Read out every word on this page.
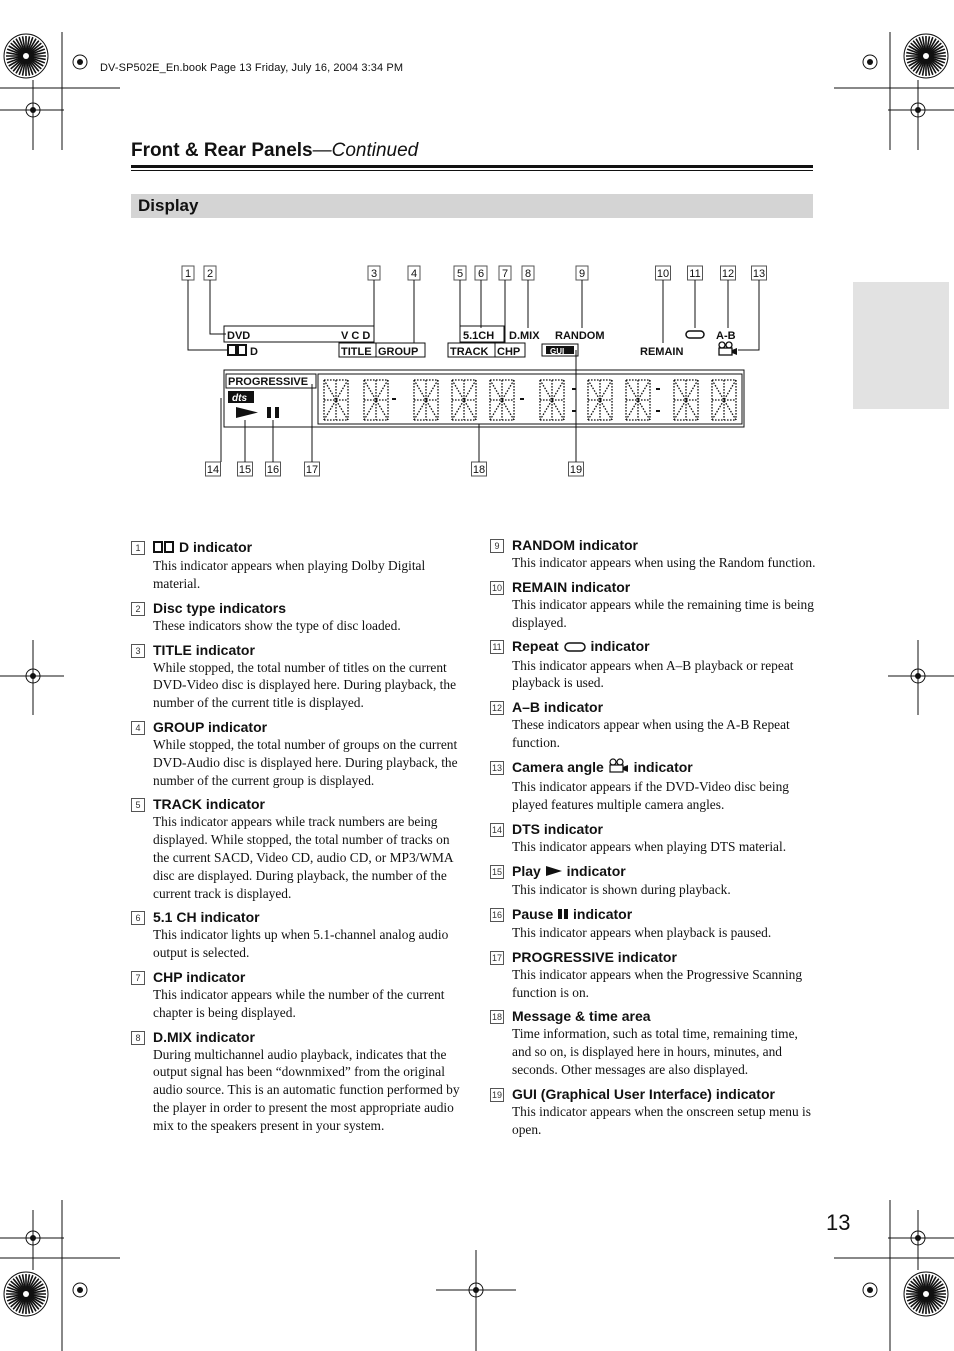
DV-SP502E_En.book Page 13 Friday, July 16, 2004 3:34 PM
Front & Rear Panels—Continued
Display
1 2	3	4	5 6 7 8	9	10 11 12 13
14 15 16 17	18	19
DVD	V C D
D	TITLE GROUP
5.1CH D.MIX RANDOM
TRACK CHP	GUI	REMAIN
A-B
PROGRESSIVE
dts
1	D indicator
This indicator appears when playing Dolby Digital material.
2 Disc type indicators
These indicators show the type of disc loaded.
3 TITLE indicator
While stopped, the total number of titles on the current DVD-Video disc is displayed here. During playback, the number of the current title is displayed.
4 GROUP indicator
While stopped, the total number of groups on the current DVD-Audio disc is displayed here. During playback, the number of the current group is displayed.
5 TRACK indicator
This indicator appears while track numbers are being displayed. While stopped, the total number of tracks on the current SACD, Video CD, audio CD, or MP3/WMA disc are displayed. During playback, the number of the current track is displayed.
6 5.1 CH indicator
This indicator lights up when 5.1-channel analog audio output is selected.
7 CHP indicator
This indicator appears while the number of the current chapter is being displayed.
8 D.MIX indicator
During multichannel audio playback, indicates that the output signal has been “downmixed” from the original audio source. This is an automatic function performed by the player in order to present the most appropriate audio mix to the speakers present in your system.
9 RANDOM indicator
This indicator appears when using the Random function.
10 REMAIN indicator
This indicator appears while the remaining time is being displayed.
11 Repeat indicator
This indicator appears when A–B playback or repeat playback is used.
12 A–B indicator
These indicators appear when using the A-B Repeat function.
13 Camera angle indicator
This indicator appears if the DVD-Video disc being played features multiple camera angles.
14 DTS indicator
This indicator appears when playing DTS material.
15 Play indicator
This indicator is shown during playback.
16 Pause indicator
This indicator appears when playback is paused.
17 PROGRESSIVE indicator
This indicator appears when the Progressive Scanning function is on.
18 Message & time area
Time information, such as total time, remaining time, and so on, is displayed here in hours, minutes, and seconds. Other messages are also displayed.
19 GUI (Graphical User Interface) indicator
This indicator appears when the onscreen setup menu is open.
13
